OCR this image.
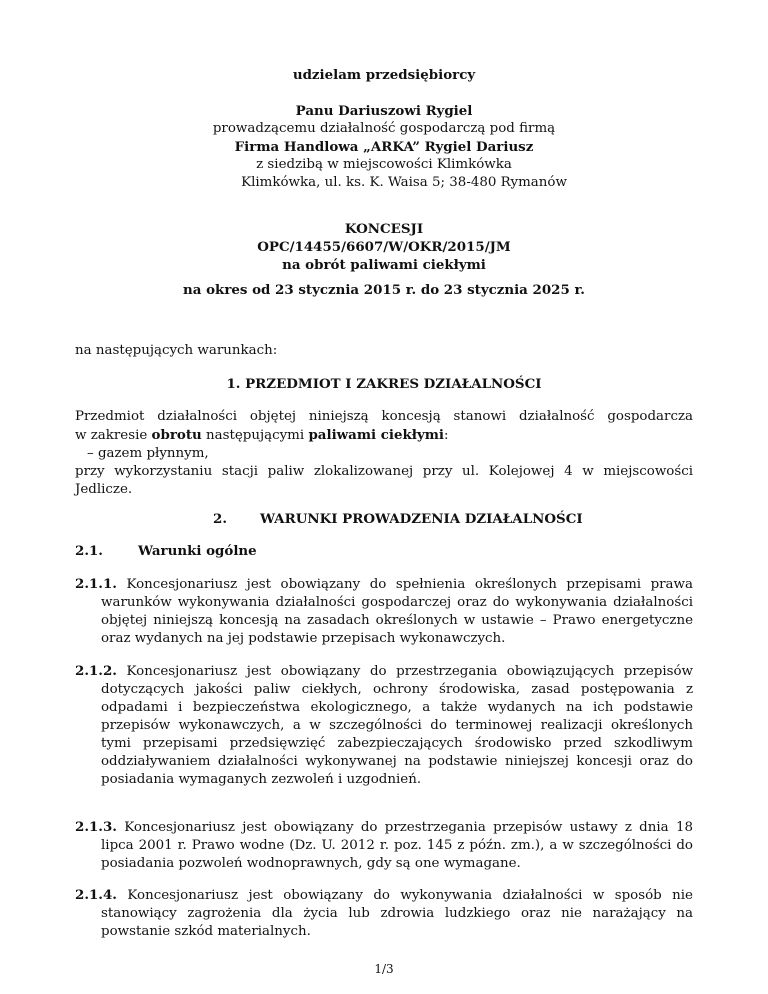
udzielam przedsiębiorcy
Panu Dariuszowi Rygiel
prowadzącemu działalność gospodarczą pod firmą
Firma Handlowa „ARKA” Rygiel Dariusz
z siedzibą w miejscowości Klimkówka
Klimkówka, ul. ks. K. Waisa 5; 38-480 Rymanów
KONCESJI
OPC/14455/6607/W/OKR/2015/JM
na obrót paliwami ciekłymi
na okres od 23 stycznia 2015 r. do 23 stycznia 2025 r.
na następujących warunkach:
1. PRZEDMIOT I ZAKRES DZIAŁALNOŚCI
Przedmiot działalności objętej niniejszą koncesją stanowi działalność gospodarcza
w zakresie obrotu następującymi paliwami ciekłymi:
– gazem płynnym,
przy wykorzystaniu stacji paliw zlokalizowanej przy ul. Kolejowej 4 w miejscowości Jedlicze.
2. WARUNKI PROWADZENIA DZIAŁALNOŚCI
2.1.	Warunki ogólne
2.1.1. Koncesjonariusz jest obowiązany do spełnienia określonych przepisami prawa warunków wykonywania działalności gospodarczej oraz do wykonywania działalności objętej niniejszą koncesją na zasadach określonych w ustawie – Prawo energetyczne oraz wydanych na jej podstawie przepisach wykonawczych.
2.1.2. Koncesjonariusz jest obowiązany do przestrzegania obowiązujących przepisów dotyczących jakości paliw ciekłych, ochrony środowiska, zasad postępowania z odpadami i bezpieczeństwa ekologicznego, a także wydanych na ich podstawie przepisów wykonawczych, a w szczególności do terminowej realizacji określonych tymi przepisami przedsięwzięć zabezpieczających środowisko przed szkodliwym oddziaływaniem działalności wykonywanej na podstawie niniejszej koncesji oraz do posiadania wymaganych zezwoleń i uzgodnień.
2.1.3. Koncesjonariusz jest obowiązany do przestrzegania przepisów ustawy z dnia 18 lipca 2001 r. Prawo wodne (Dz. U. 2012 r. poz. 145 z późn. zm.), a w szczególności do posiadania pozwoleń wodnoprawnych, gdy są one wymagane.
2.1.4. Koncesjonariusz jest obowiązany do wykonywania działalności w sposób nie stanowiący zagrożenia dla życia lub zdrowia ludzkiego oraz nie narażający na powstanie szkód materialnych.
1/3
